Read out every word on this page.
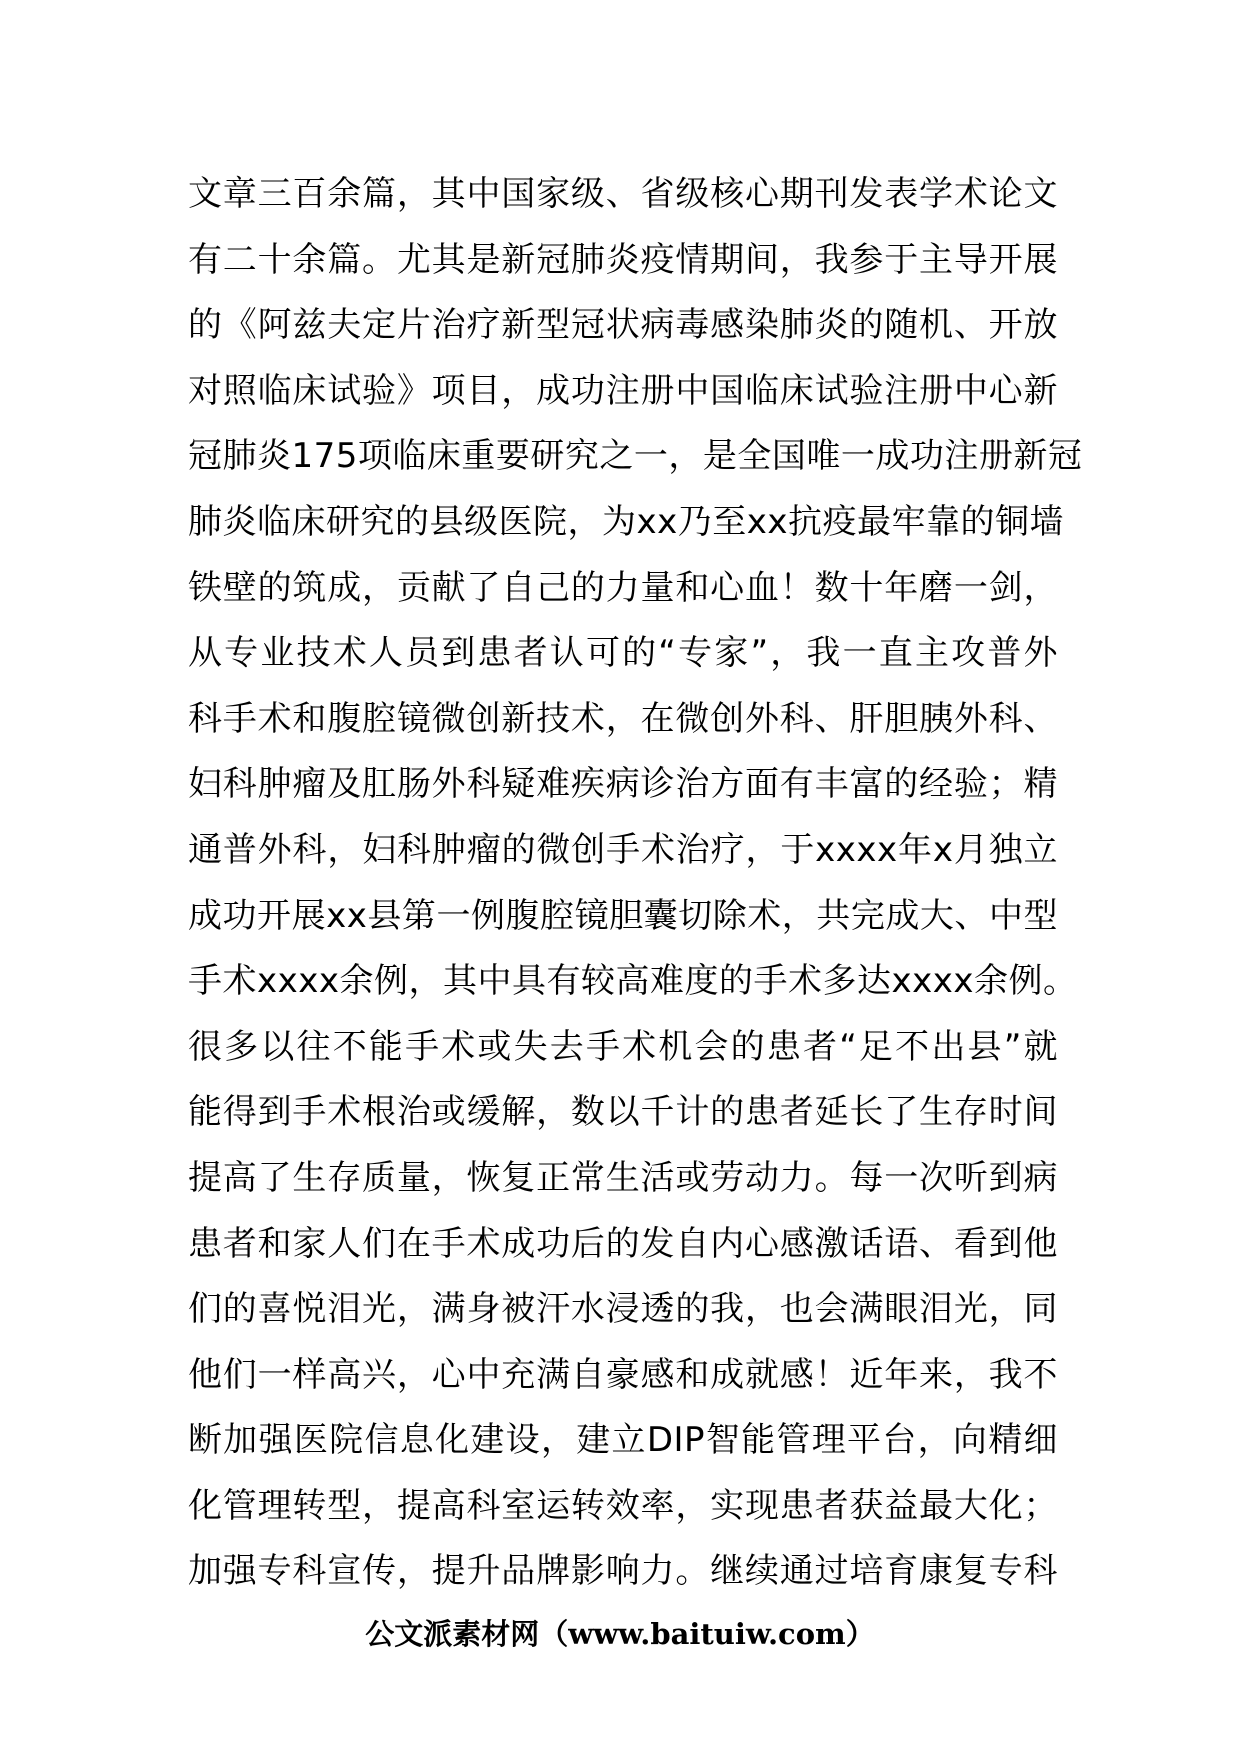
文章三百余篇，其中国家级、省级核心期刊发表学术论文
有二十余篇。尤其是新冠肺炎疫情期间，我参于主导开展
的《阿兹夫定片治疗新型冠状病毒感染肺炎的随机、开放
对照临床试验》项目，成功注册中国临床试验注册中心新
冠肺炎175项临床重要研究之一，是全国唯一成功注册新冠
肺炎临床研究的县级医院，为xx乃至xx抗疫最牢靠的铜墙
铁壁的筑成，贡献了自己的力量和心血！数十年磨一剑，
从专业技术人员到患者认可的“专家”，我一直主攻普外
科手术和腹腔镜微创新技术，在微创外科、肝胆胰外科、
妇科肿瘤及肛肠外科疑难疾病诊治方面有丰富的经验；精
通普外科，妇科肿瘤的微创手术治疗，于xxxx年x月独立
成功开展xx县第一例腹腔镜胆囊切除术，共完成大、中型
手术xxxx余例，其中具有较高难度的手术多达xxxx余例。
很多以往不能手术或失去手术机会的患者“足不出县”就
能得到手术根治或缓解，数以千计的患者延长了生存时间
提高了生存质量，恢复正常生活或劳动力。每一次听到病
患者和家人们在手术成功后的发自内心感激话语、看到他
们的喜悦泪光，满身被汗水浸透的我，也会满眼泪光，同
他们一样高兴，心中充满自豪感和成就感！近年来，我不
断加强医院信息化建设，建立DIP智能管理平台，向精细
化管理转型，提高科室运转效率，实现患者获益最大化；
加强专科宣传，提升品牌影响力。继续通过培育康复专科
公文派素材网（www.baituiw.com）
